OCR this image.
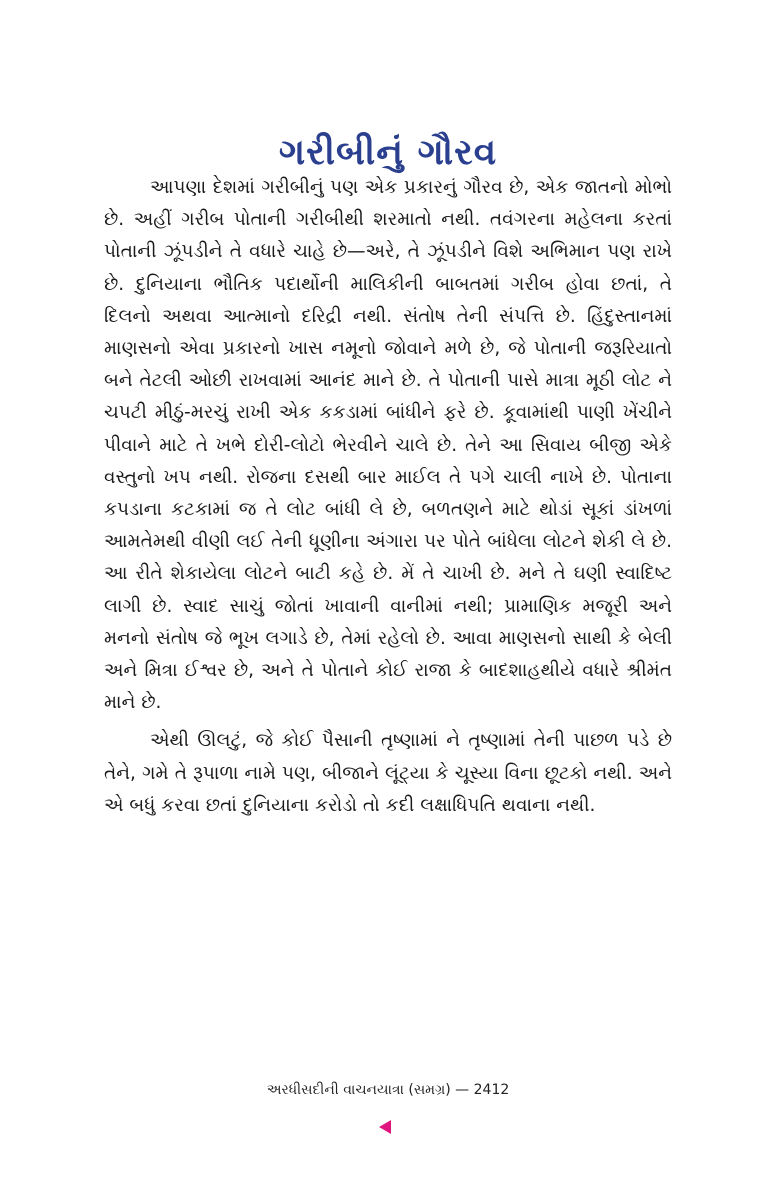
ગરીબીનું ગૌરવ

આપણા દેશમાં ગરીબીનું પણ એક પ્રકારનું ગૌરવ છે, એક જાતનો મોભો છે. અહીં ગરીબ પોતાની ગરીબીથી શરમાતો નથી. તવંગરના મહેલના કરતાં પોતાની ઝૂંપડીને તે વધારે ચાહે છે—અરે, તે ઝૂંપડીને વિશે અભિમાન પણ રાખે છે. દુનિયાના ભૌતિક પદાર્થોની માલિકીની બાબતમાં ગરીબ હોવા છતાં, તે દિલનો અથવા આત્માનો દરિદ્રી નથી. સંતોષ તેની સંપત્તિ છે. હિંદુસ્તાનમાં માણસનો એવા પ્રકારનો ખાસ નમૂનો જોવાને મળે છે, જે પોતાની જરૂરિયાતો બને તેટલી ઓછી રાખવામાં આનંદ માને છે. તે પોતાની પાસે માત્રા મૂઠી લોટ ને ચપટી મીઠું-મરચું રાખી એક કકડામાં બાંધીને ફરે છે. કૂવામાંથી પાણી ખેંચીને પીવાને માટે તે ખભે દોરી-લોટો ભેરવીને ચાલે છે. તેને આ સિવાય બીજી એકે વસ્તુનો ખપ નથી. રોજના દસથી બાર માઈલ તે પગે ચાલી નાખે છે. પોતાના કપડાના કટકામાં જ તે લોટ બાંધી લે છે, બળતણને માટે થોડાં સૂકાં ડાંખળાં આમતેમથી વીણી લઈ તેની ધૂણીના અંગારા પર પોતે બાંધેલા લોટને શેકી લે છે. આ રીતે શેકાયેલા લોટને બાટી કહે છે. મેં તે ચાખી છે. મને તે ઘણી સ્વાદિષ્ટ લાગી છે. સ્વાદ સાચું જોતાં ખાવાની વાનીમાં નથી; પ્રામાણિક મજૂરી અને મનનો સંતોષ જે ભૂખ લગાડે છે, તેમાં રહેલો છે. આવા માણસનો સાથી કે બેલી અને મિત્રા ઈશ્વર છે, અને તે પોતાને કોઈ રાજા કે બાદશાહથીયે વધારે શ્રીમંત માને છે.

એથી ઊલટું, જે કોઈ પૈસાની તૃષ્ણામાં ને તૃષ્ણામાં તેની પાછળ પડે છે તેને, ગમે તે રૂપાળા નામે પણ, બીજાને લૂંટ્યા કે ચૂસ્યા વિના છૂટકો નથી. અને એ બધું કરવા છતાં દુનિયાના કરોડો તો કદી લક્ષાધિપતિ થવાના નથી.

અરધીસદીની વાચનયાત્રા (સમગ્ર) — 2412
